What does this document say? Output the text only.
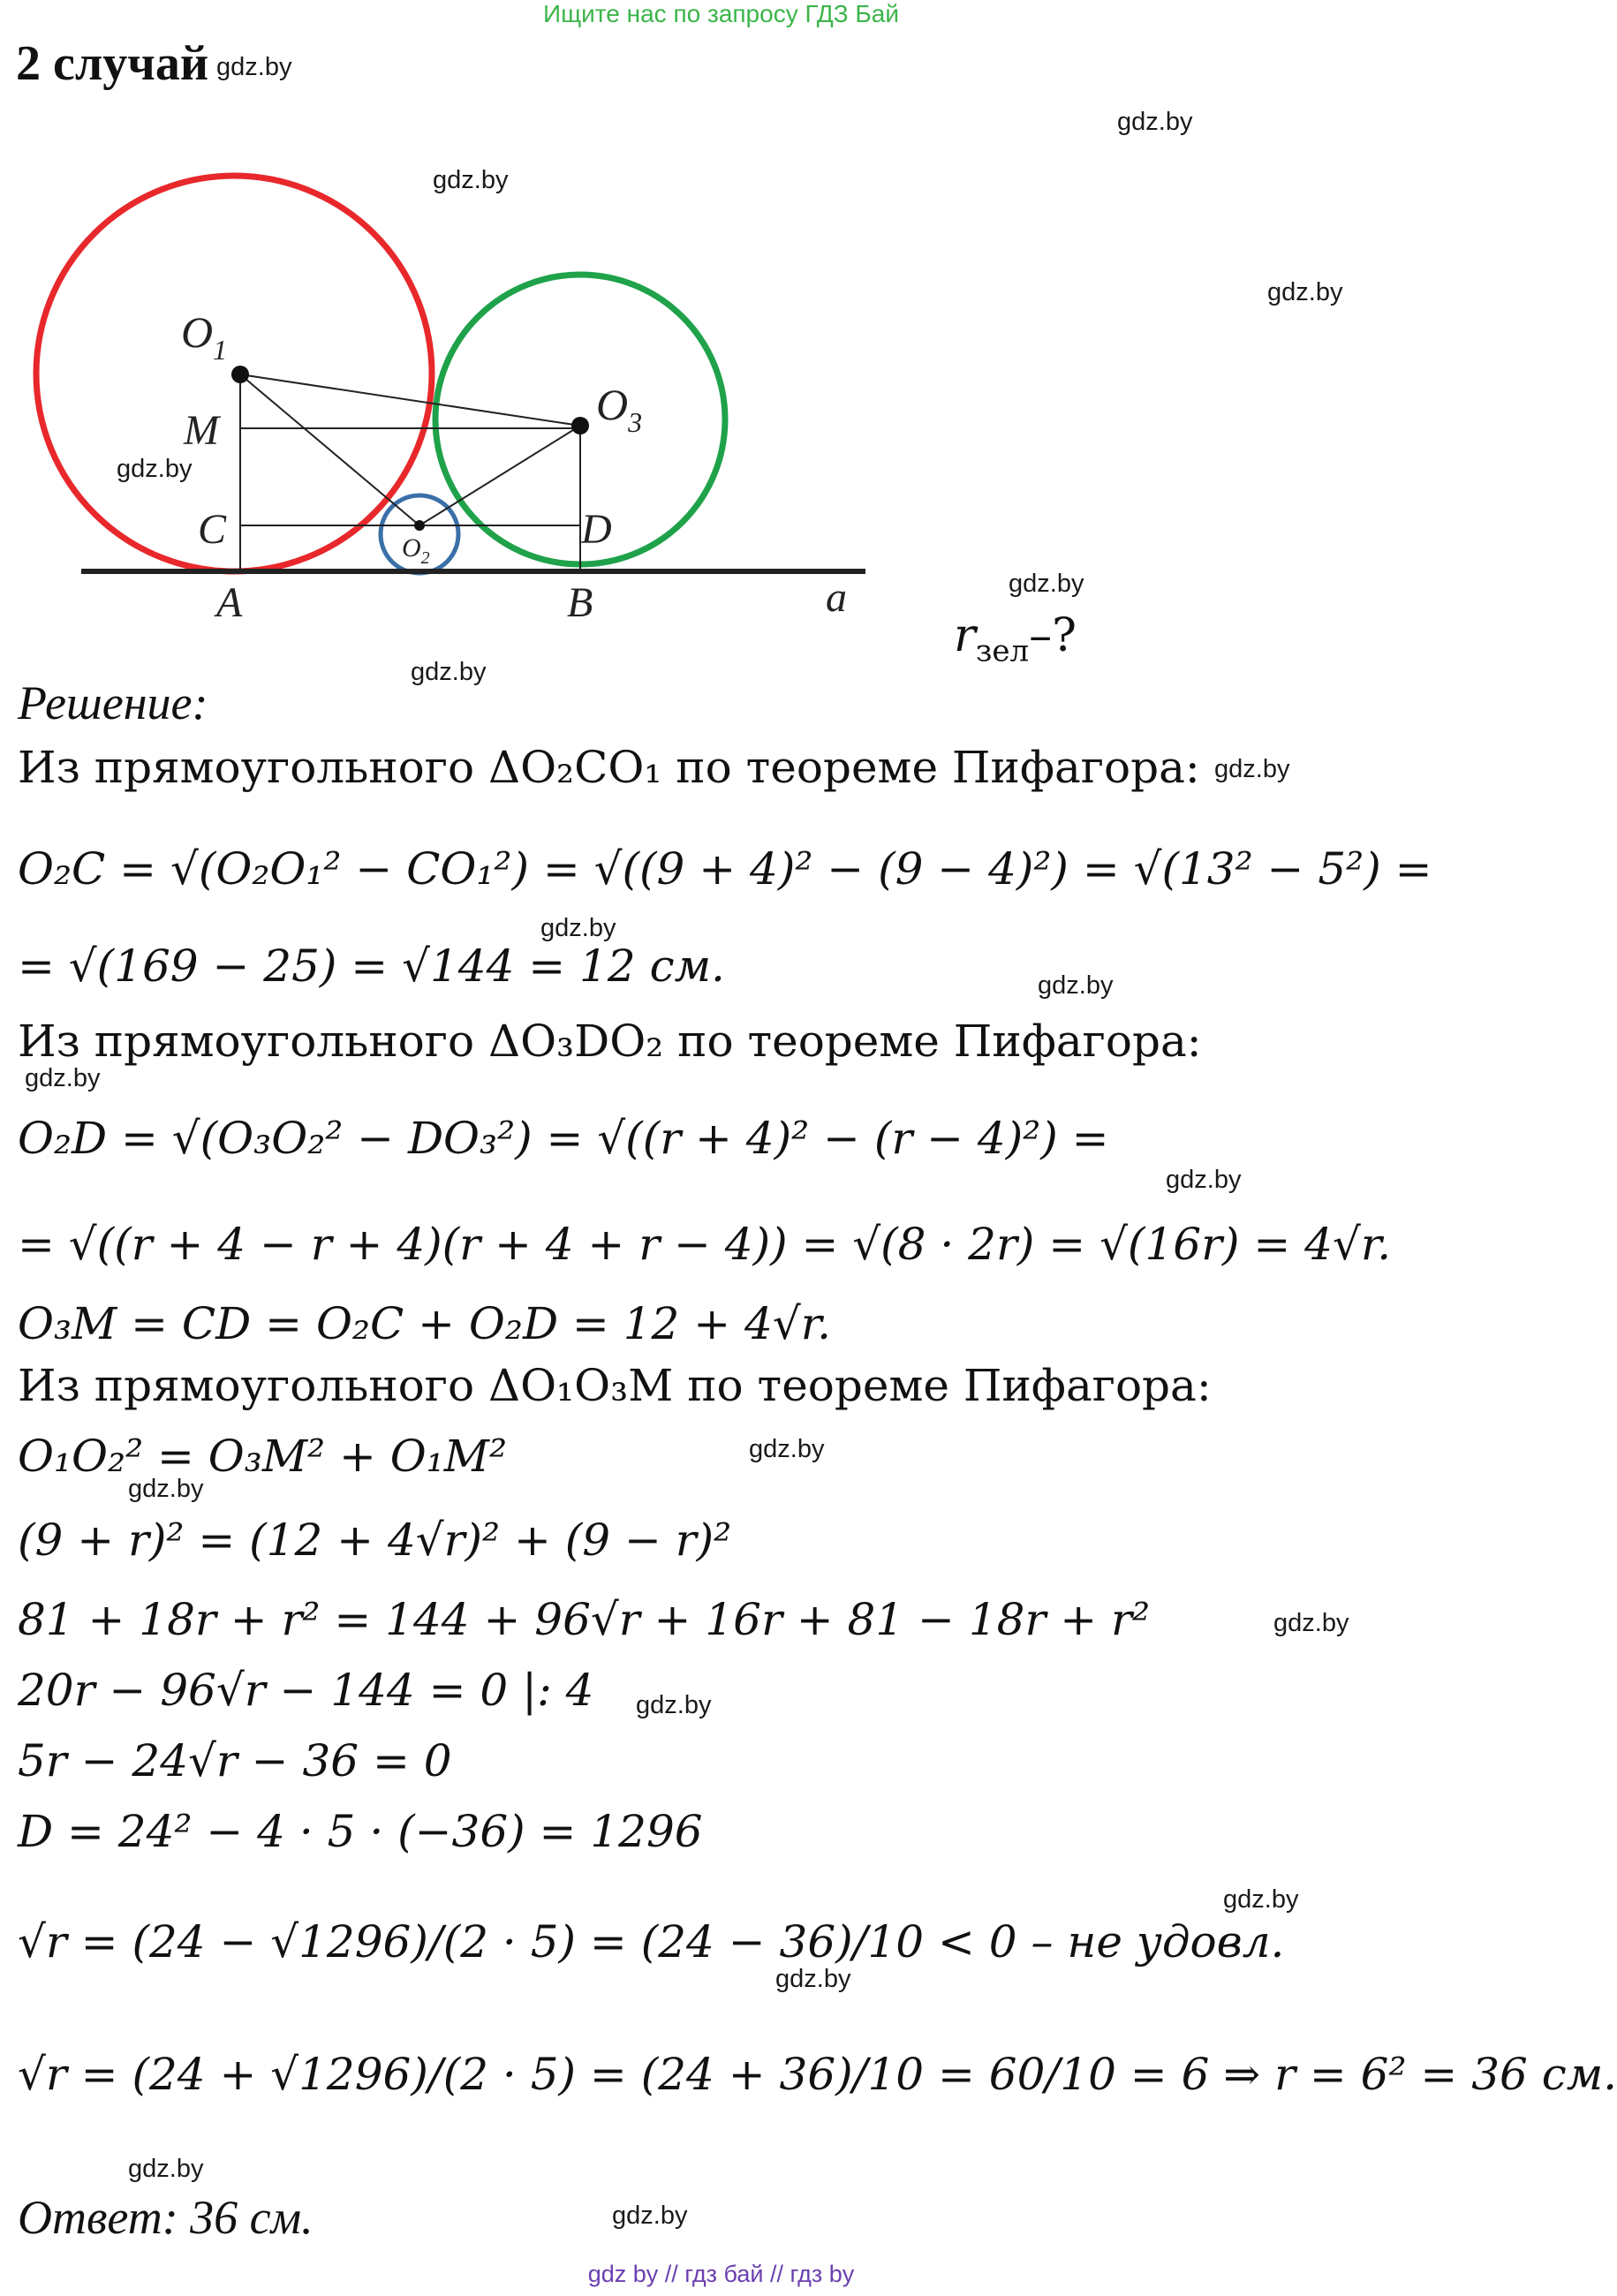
Ищите нас по запросу ГДЗ Бай
2 случай
$O_1$
$O_3$
$O_2$
M
C	D
A	B	a
$r_{зел}-$?
Решение:
Из прямоугольного ΔO₂CO₁ по теореме Пифагора:
O₂C = √(O₂O₁² − CO₁²) = √((9 + 4)² − (9 − 4)²) = √(13² − 5²) =
= √(169 − 25) = √144 = 12 см.
Из прямоугольного ΔO₃DO₂ по теореме Пифагора:
O₂D = √(O₃O₂² − DO₃²) = √((r + 4)² − (r − 4)²) =
= √((r + 4 − r + 4)(r + 4 + r − 4)) = √(8 · 2r) = √(16r) = 4√r.
O₃M = CD = O₂C + O₂D = 12 + 4√r.
Из прямоугольного ΔO₁O₃M по теореме Пифагора:
O₁O₂² = O₃M² + O₁M²
(9 + r)² = (12 + 4√r)² + (9 − r)²
81 + 18r + r² = 144 + 96√r + 16r + 81 − 18r + r²
20r − 96√r − 144 = 0 |: 4
5r − 24√r − 36 = 0
D = 24² − 4 · 5 · (−36) = 1296
√r = (24 − √1296)/(2 · 5) = (24 − 36)/10 < 0 – не удовл.
√r = (24 + √1296)/(2 · 5) = (24 + 36)/10 = 60/10 = 6 ⇒ r = 6² = 36 см.
Ответ: 36 см.
gdz.by
gdz.by
gdz.by
gdz.by
gdz.by
gdz.by
gdz.by
gdz.by
gdz.by
gdz.by
gdz.by
gdz.by
gdz.by
gdz.by
gdz.by
gdz.by
gdz.by
gdz.by
gdz.by
gdz.by
gdz by // гдз бай // гдз by
